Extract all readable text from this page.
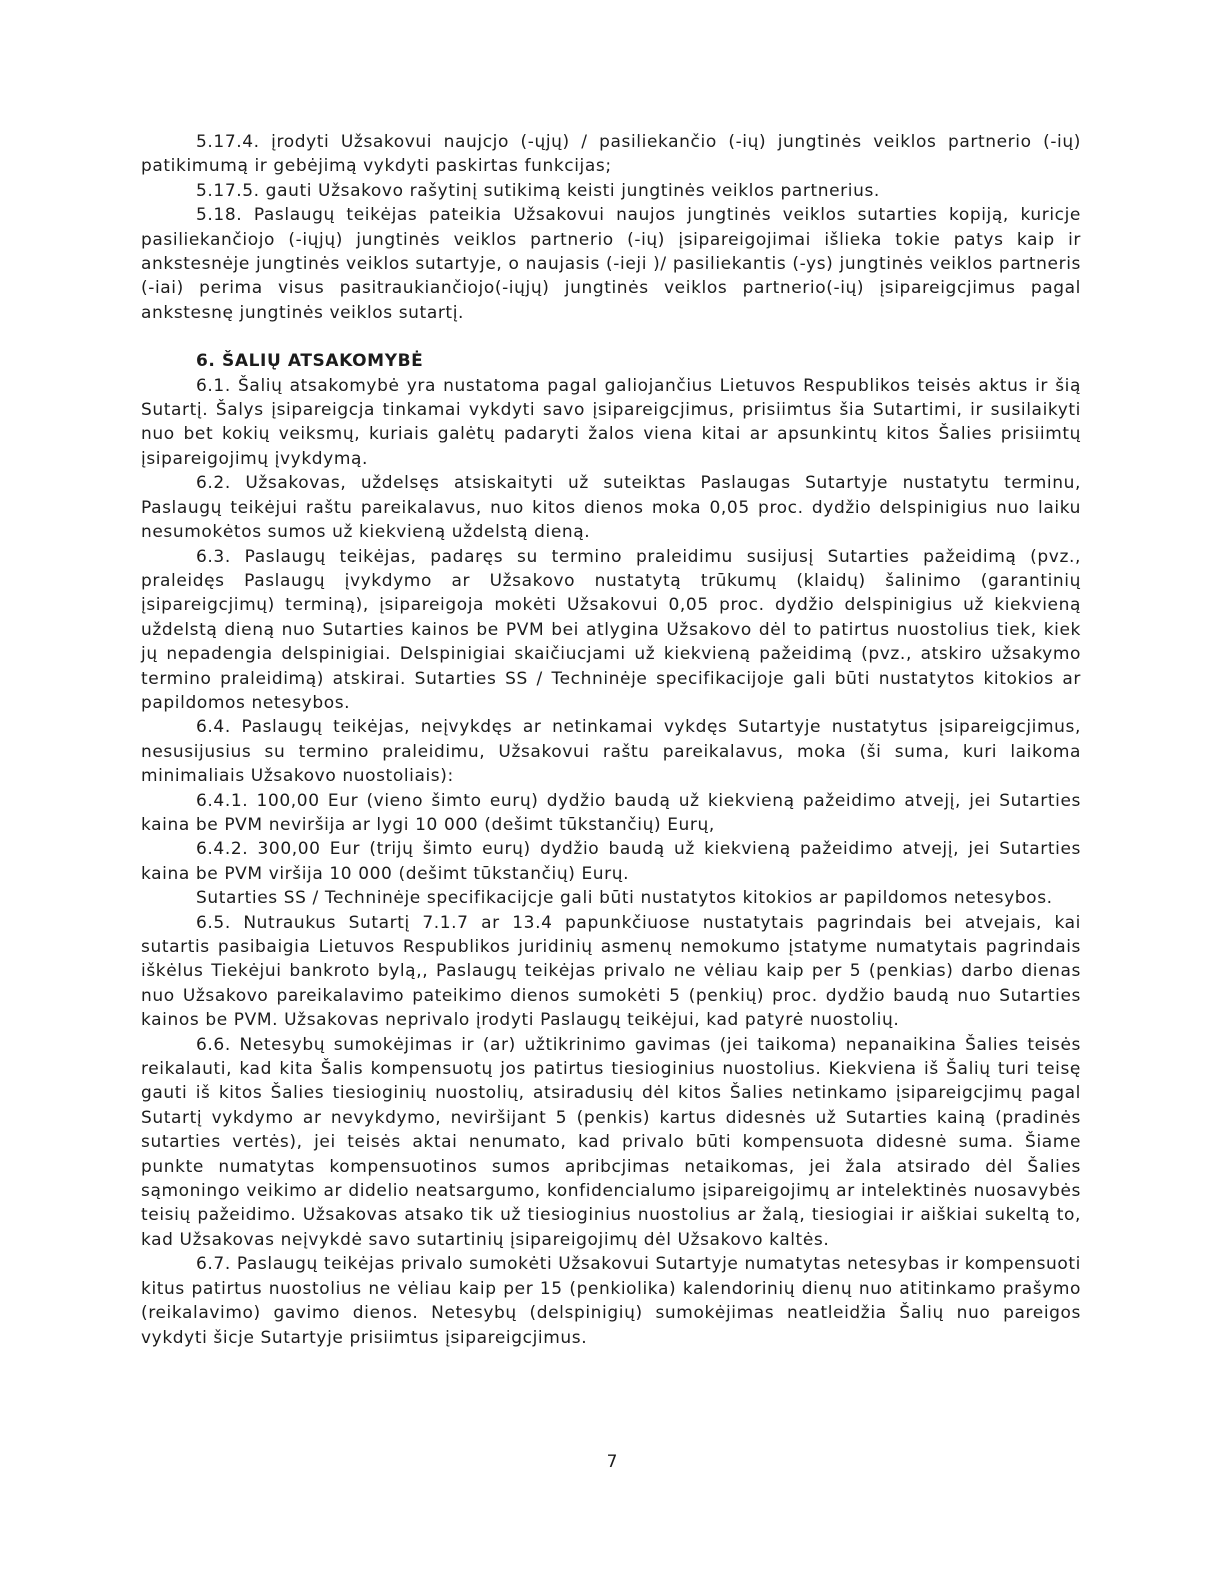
5.17.4. įrodyti Užsakovui naujcjo (-ųjų) / pasiliekančio (-ių) jungtinės veiklos partnerio (-ių) patikimumą ir gebėjimą vykdyti paskirtas funkcijas;

5.17.5. gauti Užsakovo rašytinį sutikimą keisti jungtinės veiklos partnerius.

5.18. Paslaugų teikėjas pateikia Užsakovui naujos jungtinės veiklos sutarties kopiją, kuricje pasiliekančiojo (-iųjų) jungtinės veiklos partnerio (-ių) įsipareigojimai išlieka tokie patys kaip ir ankstesnėje jungtinės veiklos sutartyje, o naujasis (-ieji )/ pasiliekantis (-ys) jungtinės veiklos partneris (-iai) perima visus pasitraukiančiojo(-iųjų) jungtinės veiklos partnerio(-ių) įsipareigcjimus pagal ankstesnę jungtinės veiklos sutartį.

6. ŠALIŲ ATSAKOMYBĖ

6.1. Šalių atsakomybė yra nustatoma pagal galiojančius Lietuvos Respublikos teisės aktus ir šią Sutartį. Šalys įsipareigcja tinkamai vykdyti savo įsipareigcjimus, prisiimtus šia Sutartimi, ir susilaikyti nuo bet kokių veiksmų, kuriais galėtų padaryti žalos viena kitai ar apsunkintų kitos Šalies prisiimtų įsipareigojimų įvykdymą.

6.2. Užsakovas, uždelsęs atsiskaityti už suteiktas Paslaugas Sutartyje nustatytu terminu, Paslaugų teikėjui raštu pareikalavus, nuo kitos dienos moka 0,05 proc. dydžio delspinigius nuo laiku nesumokėtos sumos už kiekvieną uždelstą dieną.

6.3. Paslaugų teikėjas, padaręs su termino praleidimu susijusį Sutarties pažeidimą (pvz., praleidęs Paslaugų įvykdymo ar Užsakovo nustatytą trūkumų (klaidų) šalinimo (garantinių įsipareigcjimų) terminą), įsipareigoja mokėti Užsakovui 0,05 proc. dydžio delspinigius už kiekvieną uždelstą dieną nuo Sutarties kainos be PVM bei atlygina Užsakovo dėl to patirtus nuostolius tiek, kiek jų nepadengia delspinigiai. Delspinigiai skaičiucjami už kiekvieną pažeidimą (pvz., atskiro užsakymo termino praleidimą) atskirai. Sutarties SS / Techninėje specifikacijoje gali būti nustatytos kitokios ar papildomos netesybos.

6.4. Paslaugų teikėjas, neįvykdęs ar netinkamai vykdęs Sutartyje nustatytus įsipareigcjimus, nesusijusius su termino praleidimu, Užsakovui raštu pareikalavus, moka (ši suma, kuri laikoma minimaliais Užsakovo nuostoliais):

6.4.1. 100,00 Eur (vieno šimto eurų) dydžio baudą už kiekvieną pažeidimo atvejį, jei Sutarties kaina be PVM neviršija ar lygi 10 000 (dešimt tūkstančių) Eurų,

6.4.2. 300,00 Eur (trijų šimto eurų) dydžio baudą už kiekvieną pažeidimo atvejį, jei Sutarties kaina be PVM viršija 10 000 (dešimt tūkstančių) Eurų.

Sutarties SS / Techninėje specifikacijcje gali būti nustatytos kitokios ar papildomos netesybos.

6.5. Nutraukus Sutartį 7.1.7 ar 13.4 papunkčiuose nustatytais pagrindais bei atvejais, kai sutartis pasibaigia Lietuvos Respublikos juridinių asmenų nemokumo įstatyme numatytais pagrindais iškėlus Tiekėjui bankroto bylą,, Paslaugų teikėjas privalo ne vėliau kaip per 5 (penkias) darbo dienas nuo Užsakovo pareikalavimo pateikimo dienos sumokėti 5 (penkių) proc. dydžio baudą nuo Sutarties kainos be PVM. Užsakovas neprivalo įrodyti Paslaugų teikėjui, kad patyrė nuostolių.

6.6. Netesybų sumokėjimas ir (ar) užtikrinimo gavimas (jei taikoma) nepanaikina Šalies teisės reikalauti, kad kita Šalis kompensuotų jos patirtus tiesioginius nuostolius. Kiekviena iš Šalių turi teisę gauti iš kitos Šalies tiesioginių nuostolių, atsiradusių dėl kitos Šalies netinkamo įsipareigcjimų pagal Sutartį vykdymo ar nevykdymo, neviršijant 5 (penkis) kartus didesnės už Sutarties kainą (pradinės sutarties vertės), jei teisės aktai nenumato, kad privalo būti kompensuota didesnė suma. Šiame punkte numatytas kompensuotinos sumos apribcjimas netaikomas, jei žala atsirado dėl Šalies sąmoningo veikimo ar didelio neatsargumo, konfidencialumo įsipareigojimų ar intelektinės nuosavybės teisių pažeidimo. Užsakovas atsako tik už tiesioginius nuostolius ar žalą, tiesiogiai ir aiškiai sukeltą to, kad Užsakovas neįvykdė savo sutartinių įsipareigojimų dėl Užsakovo kaltės.

6.7. Paslaugų teikėjas privalo sumokėti Užsakovui Sutartyje numatytas netesybas ir kompensuoti kitus patirtus nuostolius ne vėliau kaip per 15 (penkiolika) kalendorinių dienų nuo atitinkamo prašymo (reikalavimo) gavimo dienos. Netesybų (delspinigių) sumokėjimas neatleidžia Šalių nuo pareigos vykdyti šicje Sutartyje prisiimtus įsipareigcjimus.

7
